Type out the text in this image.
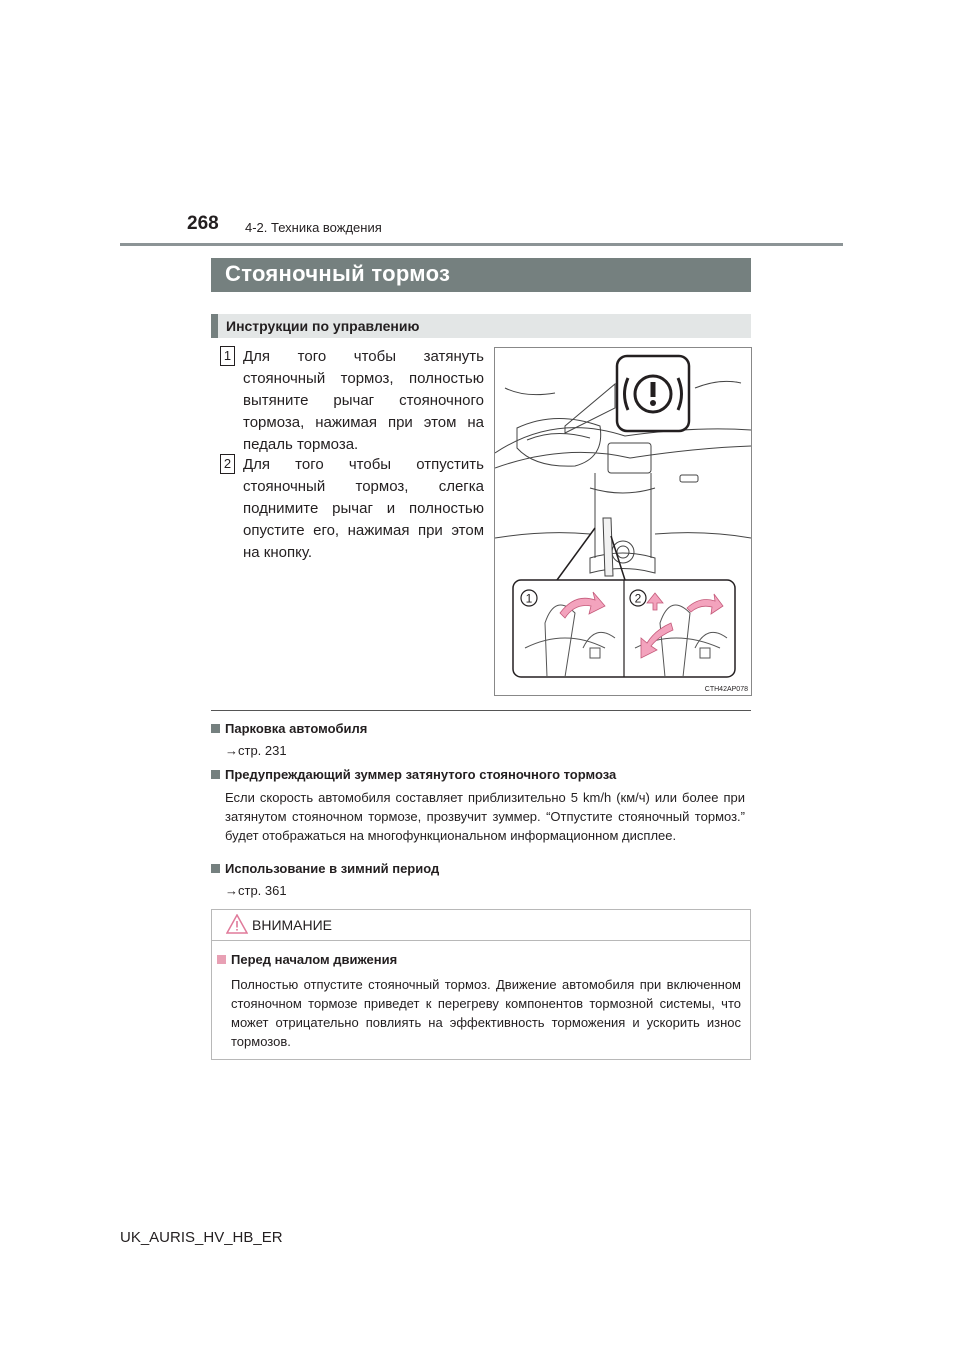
268 4-2. Техника вождения
Стояночный тормоз
Инструкции по управлению
1 Для того чтобы затянуть стояночный тормоз, полностью вытяните рычаг стояночного тормоза, нажимая при этом на педаль тормоза.
2 Для того чтобы отпустить стояночный тормоз, слегка поднимите рычаг и полностью опустите его, нажимая при этом на кнопку.
1	2
CTH42AP078
Парковка автомобиля
→стр. 231
Предупреждающий зуммер затянутого стояночного тормоза
Если скорость автомобиля составляет приблизительно 5 km/h (км/ч) или более при затянутом стояночном тормозе, прозвучит зуммер. “Отпустите стояночный тормоз.” будет отображаться на многофункциональном информационном дисплее.
Использование в зимний период
→стр. 361
ВНИМАНИЕ
Перед началом движения
Полностью отпустите стояночный тормоз. Движение автомобиля при включенном стояночном тормозе приведет к перегреву компонентов тормозной системы, что может отрицательно повлиять на эффективность торможения и ускорить износ тормозов.
UK_AURIS_HV_HB_ER
